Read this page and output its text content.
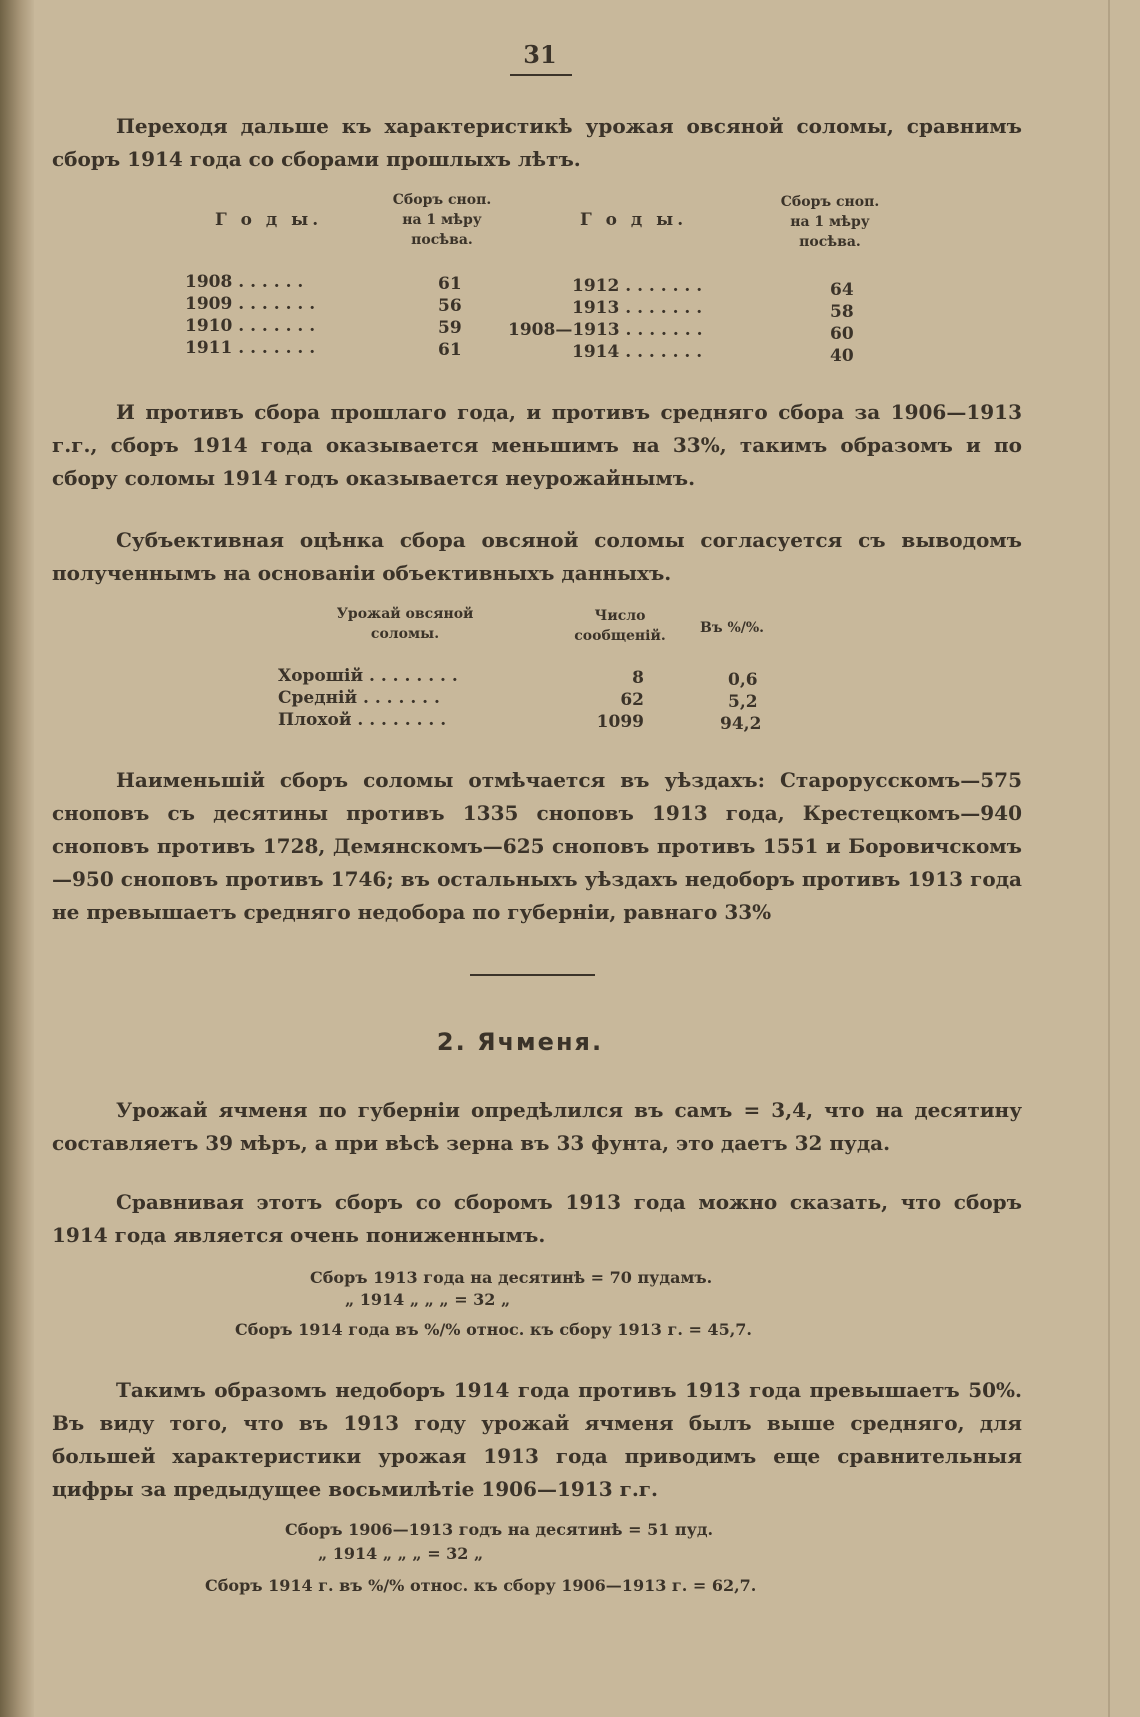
31
Переходя дальше къ характеристикѣ урожая овсяной соломы, сравнимъ сборъ 1914 года со сборами прошлыхъ лѣтъ.
Г о д ы.
Сборъ сноп.
на 1 мѣру
посѣва.
Г о д ы.
Сборъ сноп.
на 1 мѣру
посѣва.
1908 . . . . . .
1909 . . . . . . .
1910 . . . . . . .
1911 . . . . . . .
61
56
59
61
1912 . . . . . . .
1913 . . . . . . .
1908—1913 . . . . . . .
1914 . . . . . . .
64
58
60
40
И противъ сбора прошлаго года, и противъ средняго сбора за 1906—1913 г.г., сборъ 1914 года оказывается меньшимъ на 33%, такимъ образомъ и по сбору соломы 1914 годъ оказывается неурожайнымъ.
Субъективная оцѣнка сбора овсяной соломы согласуется съ выводомъ полученнымъ на основанiи объективныхъ данныхъ.
Урожай овсяной
соломы.
Число
сообщенiй.	Въ %/%.
Хорошiй . . . . . . . .
Среднiй . . . . . . .
Плохой . . . . . . . .
8
62
1099
0,6
5,2
94,2
Наименьшiй сборъ соломы отмѣчается въ уѣздахъ: Старорусскомъ—575 сноповъ съ десятины противъ 1335 сноповъ 1913 года, Крестецкомъ—940 сноповъ противъ 1728, Демянскомъ—625 сноповъ противъ 1551 и Боровичскомъ—950 сноповъ противъ 1746; въ остальныхъ уѣздахъ недоборъ противъ 1913 года не превышаетъ средняго недобора по губернiи, равнаго 33%
2. Ячменя.
Урожай ячменя по губернiи опредѣлился въ самъ = 3,4, что на десятину составляетъ 39 мѣръ, а при вѣсѣ зерна въ 33 фунта, это даетъ 32 пуда.
Сравнивая этотъ сборъ со сборомъ 1913 года можно сказать, что сборъ 1914 года является очень пониженнымъ.
Сборъ 1913 года на десятинѣ = 70 пудамъ.
„ 1914 „ „ „ = 32 „
Сборъ 1914 года въ %/% относ. къ сбору 1913 г. = 45,7.
Такимъ образомъ недоборъ 1914 года противъ 1913 года превышаетъ 50%. Въ виду того, что въ 1913 году урожай ячменя былъ выше средняго, для большей характеристики урожая 1913 года приводимъ еще сравнительныя цифры за предыдущее восьмилѣтiе 1906—1913 г.г.
Сборъ 1906—1913 годъ на десятинѣ = 51 пуд.
„ 1914 „ „ „ = 32 „
Сборъ 1914 г. въ %/% относ. къ сбору 1906—1913 г. = 62,7.
